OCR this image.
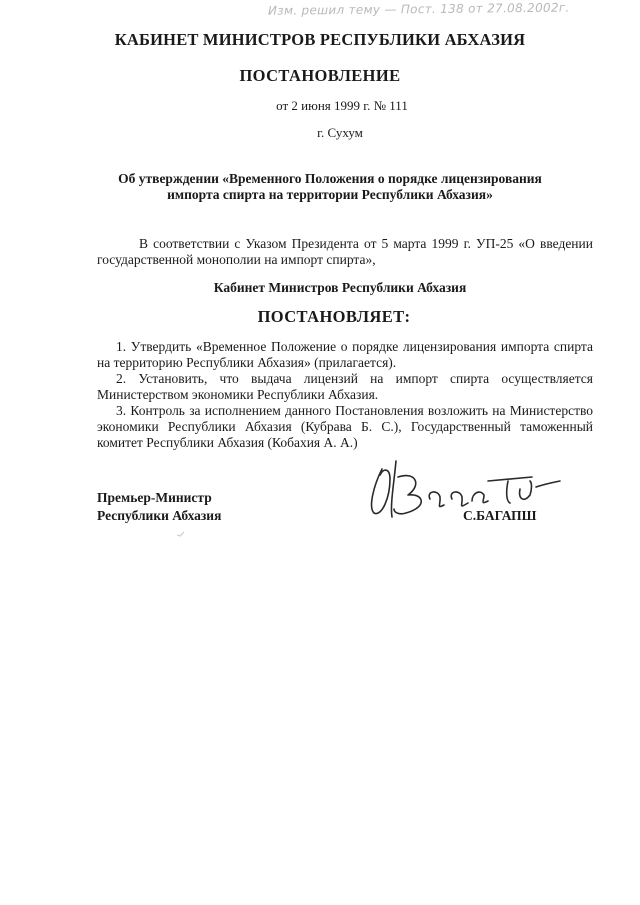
Изм. решил тему — Пост. 138 от 27.08.2002г.
КАБИНЕТ МИНИСТРОВ РЕСПУБЛИКИ АБХАЗИЯ
ПОСТАНОВЛЕНИЕ
от 2 июня 1999 г. № 111
г. Сухум
Об утверждении «Временного Положения о порядке лицензирования импорта спирта на территории Республики Абхазия»
В соответствии с Указом Президента от 5 марта 1999 г. УП-25 «О введении государственной монополии на импорт спирта»,
Кабинет Министров Республики Абхазия
ПОСТАНОВЛЯЕТ:

1. Утвердить «Временное Положение о порядке лицензирования импорта спирта на территорию Республики Абхазия» (прилагается).

2. Установить, что выдача лицензий на импорт спирта осуществляется Министерством экономики Республики Абхазия.

3. Контроль за исполнением данного Постановления возложить на Министерство экономики Республики Абхазия (Кубрава Б. С.), Государственный таможенный комитет Республики Абхазия (Кобахия А. А.)

Премьер-Министр
Республики Абхазия	С.БАГАПШ
